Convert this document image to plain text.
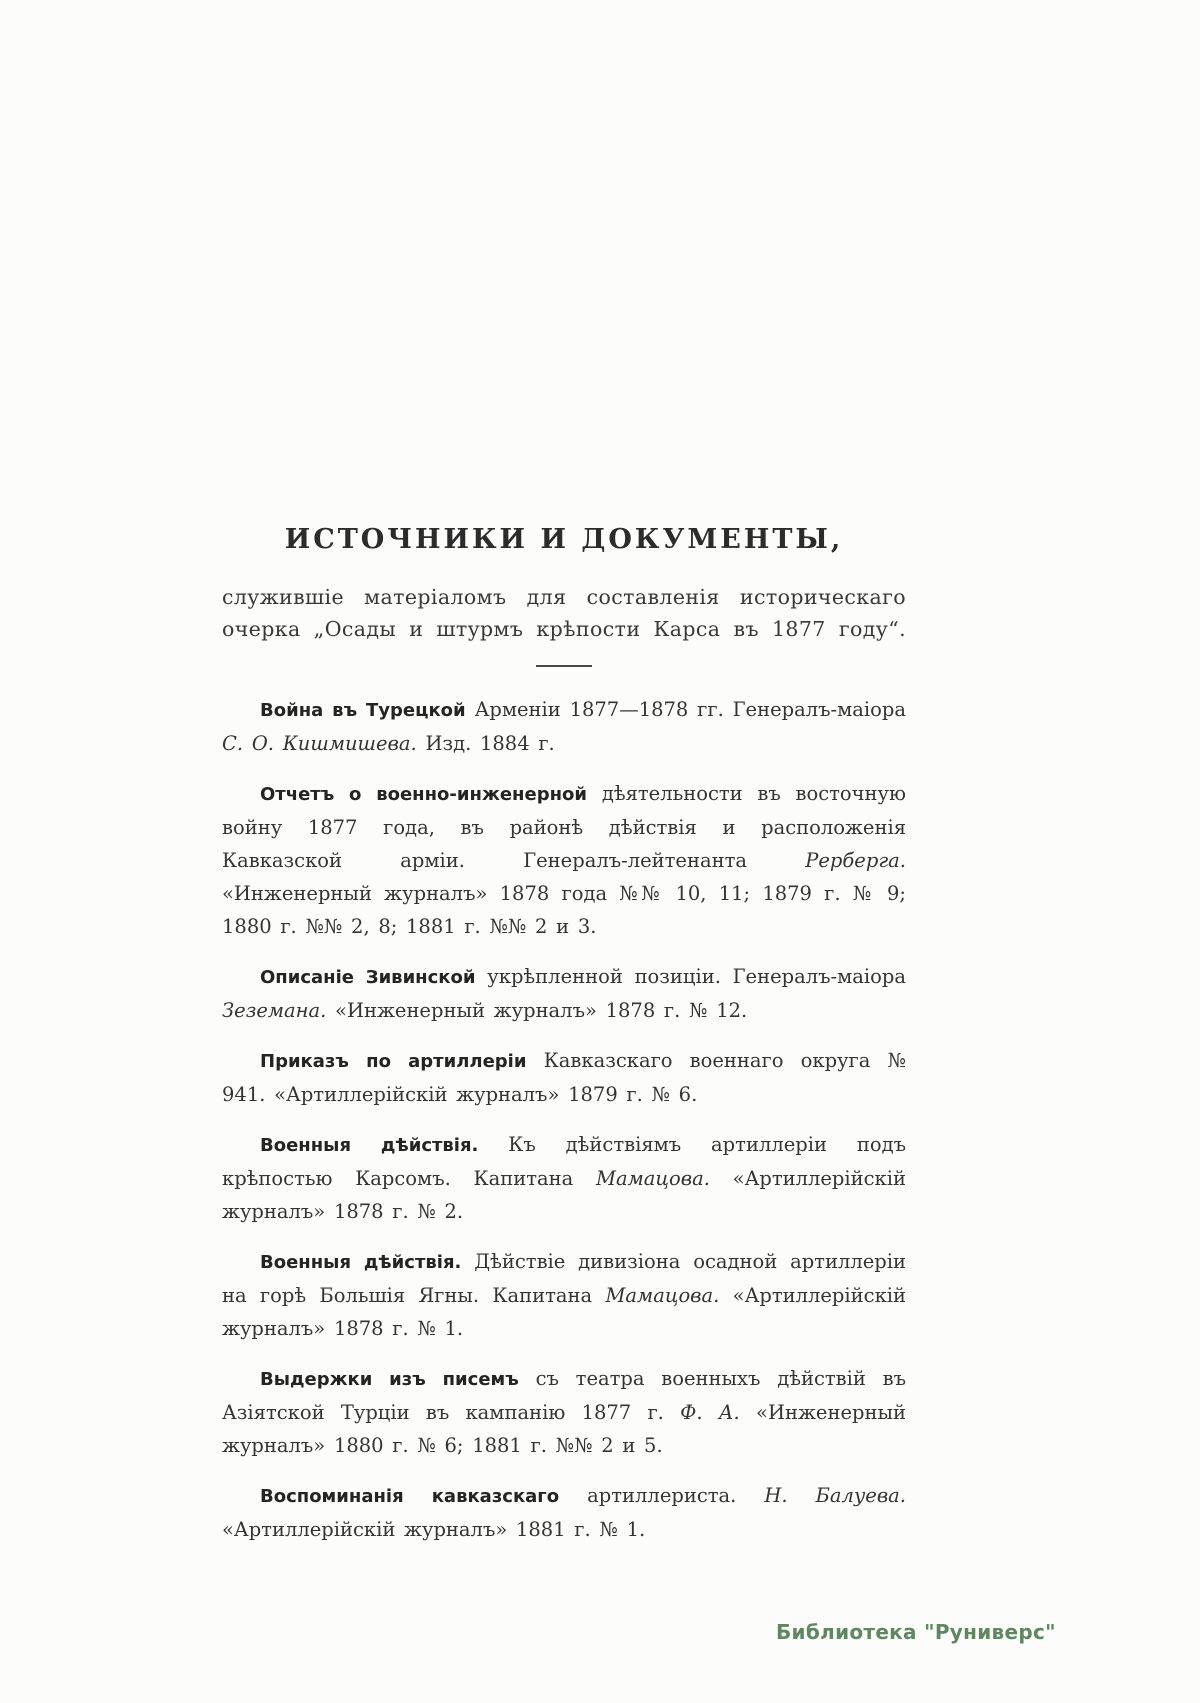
ИСТОЧНИКИ И ДОКУМЕНТЫ,

служившіе матеріаломъ для составленія историческаго очерка „Осады и штурмъ крѣпости Карса въ 1877 году“.

Война въ Турецкой Арменіи 1877—1878 гг. Генералъ-маіора С. О. Кишмишева. Изд. 1884 г.

Отчетъ о военно-инженерной дѣятельности въ восточную войну 1877 года, въ районѣ дѣйствія и расположенія Кавказской арміи. Генералъ-лейтенанта Рерберга. «Инженерный журналъ» 1878 года №№ 10, 11; 1879 г. № 9; 1880 г. №№ 2, 8; 1881 г. №№ 2 и 3.

Описаніе Зивинской укрѣпленной позиціи. Генералъ-маіора Зеземана. «Инженерный журналъ» 1878 г. № 12.

Приказъ по артиллеріи Кавказскаго военнаго округа № 941. «Артиллерійскій журналъ» 1879 г. № 6.

Военныя дѣйствія. Къ дѣйствіямъ артиллеріи подъ крѣпостью Карсомъ. Капитана Мамацова. «Артиллерійскій журналъ» 1878 г. № 2.

Военныя дѣйствія. Дѣйствіе дивизіона осадной артиллеріи на горѣ Большія Ягны. Капитана Мамацова. «Артиллерійскій журналъ» 1878 г. № 1.

Выдержки изъ писемъ съ театра военныхъ дѣйствій въ Азіятской Турціи въ кампанію 1877 г. Ф. А. «Инженерный журналъ» 1880 г. № 6; 1881 г. №№ 2 и 5.

Воспоминанія кавказскаго артиллериста. Н. Балуева. «Артиллерійскій журналъ» 1881 г. № 1.

Библиотека "Руниверс"
